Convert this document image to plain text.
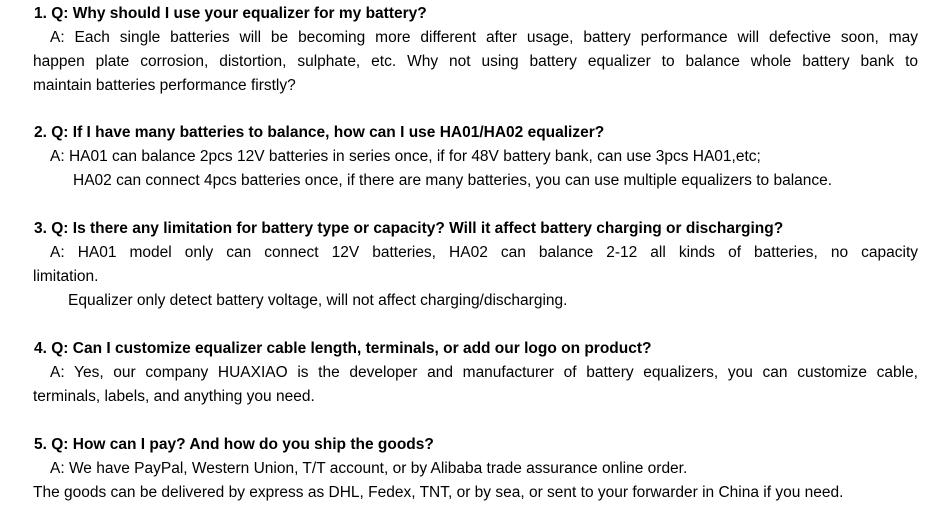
1. Q: Why should I use your equalizer for my battery?
A: Each single batteries will be becoming more different after usage, battery performance will defective soon, may
happen plate corrosion, distortion, sulphate, etc. Why not using battery equalizer to balance whole battery bank to
maintain batteries performance firstly?
2. Q: If I have many batteries to balance, how can I use HA01/HA02 equalizer?
A: HA01 can balance 2pcs 12V batteries in series once, if for 48V battery bank, can use 3pcs HA01,etc;
HA02 can connect 4pcs batteries once, if there are many batteries, you can use multiple equalizers to balance.
3. Q: Is there any limitation for battery type or capacity? Will it affect battery charging or discharging?
A: HA01 model only can connect 12V batteries, HA02 can balance 2-12 all kinds of batteries, no capacity
limitation.
Equalizer only detect battery voltage, will not affect charging/discharging.
4. Q: Can I customize equalizer cable length, terminals, or add our logo on product?
A: Yes, our company HUAXIAO is the developer and manufacturer of battery equalizers, you can customize cable,
terminals, labels, and anything you need.
5. Q: How can I pay? And how do you ship the goods?
A: We have PayPal, Western Union, T/T account, or by Alibaba trade assurance online order.
The goods can be delivered by express as DHL, Fedex, TNT, or by sea, or sent to your forwarder in China if you need.
